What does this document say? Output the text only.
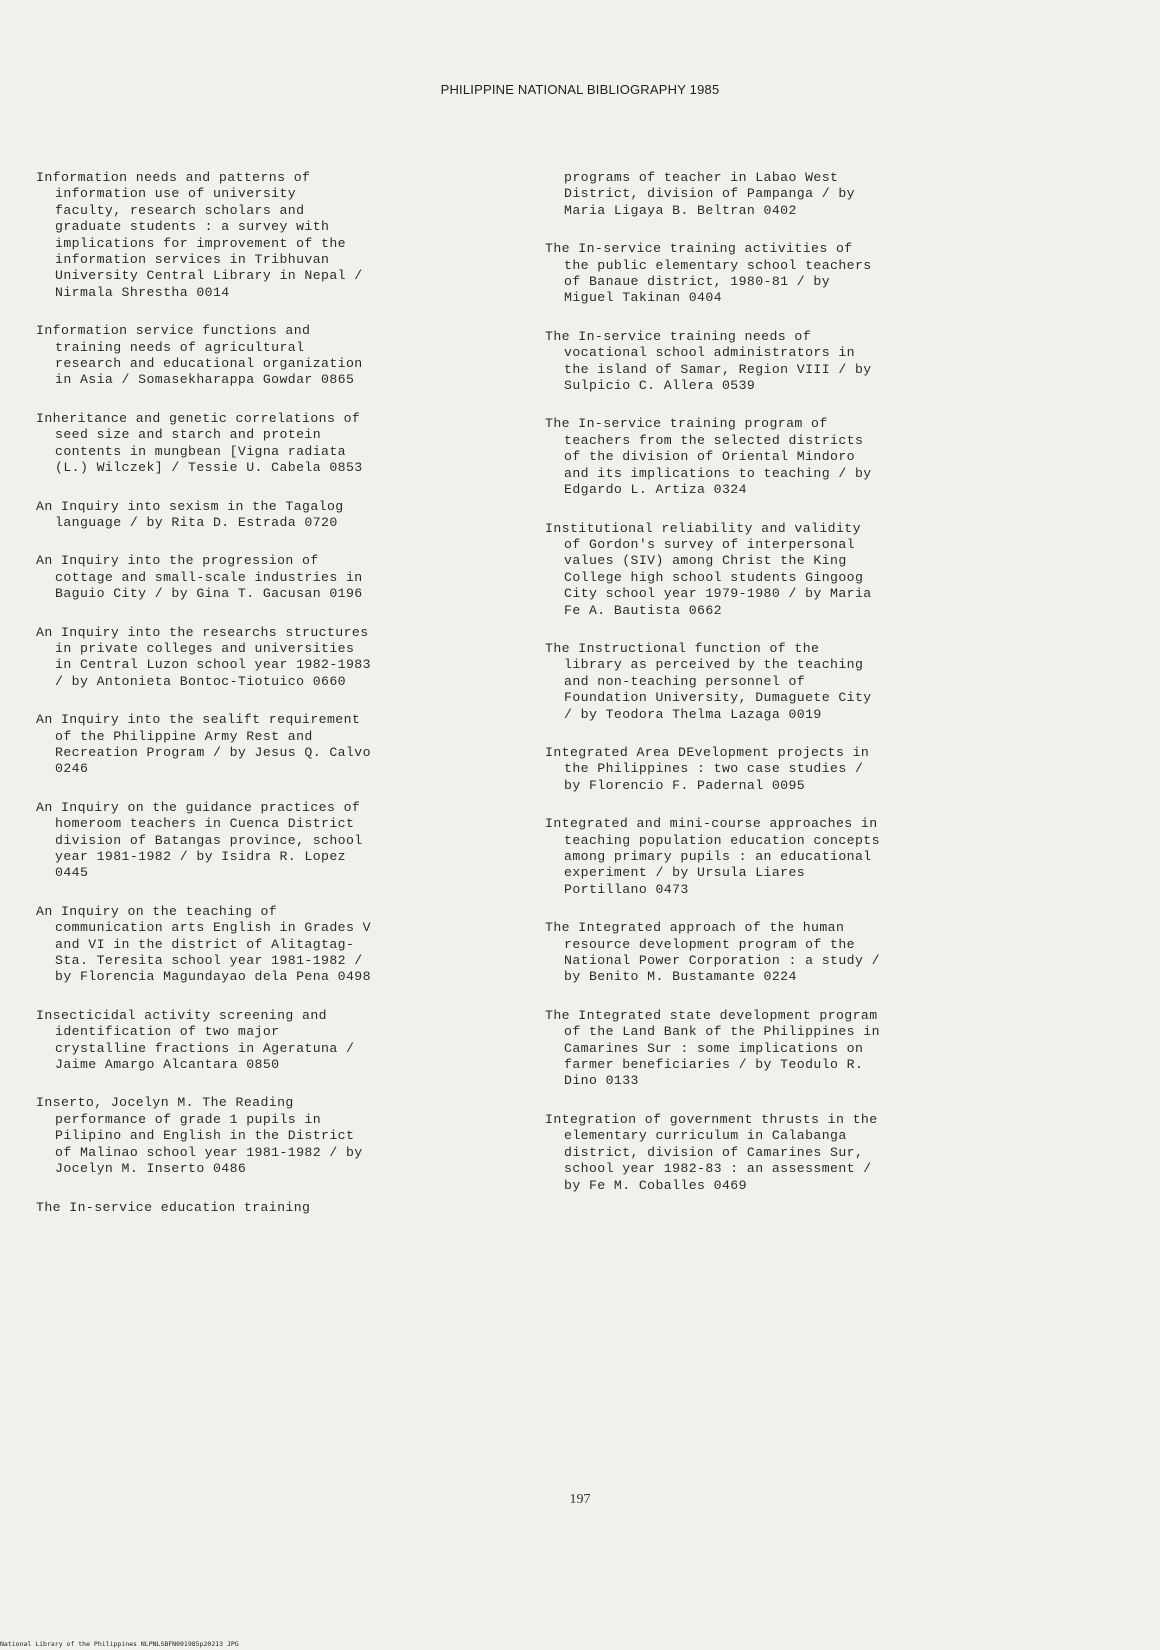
PHILIPPINE NATIONAL BIBLIOGRAPHY 1985

Information needs and patterns of
information use of university
faculty, research scholars and
graduate students : a survey with
implications for improvement of the
information services in Tribhuvan
University Central Library in Nepal /
Nirmala Shrestha 0014

Information service functions and
training needs of agricultural
research and educational organization
in Asia / Somasekharappa Gowdar 0865

Inheritance and genetic correlations of
seed size and starch and protein
contents in mungbean [Vigna radiata
(L.) Wilczek] / Tessie U. Cabela 0853

An Inquiry into sexism in the Tagalog
language / by Rita D. Estrada 0720

An Inquiry into the progression of
cottage and small-scale industries in
Baguio City / by Gina T. Gacusan 0196

An Inquiry into the researchs structures
in private colleges and universities
in Central Luzon school year 1982-1983
/ by Antonieta Bontoc-Tiotuico 0660

An Inquiry into the sealift requirement
of the Philippine Army Rest and
Recreation Program / by Jesus Q. Calvo
0246

An Inquiry on the guidance practices of
homeroom teachers in Cuenca District
division of Batangas province, school
year 1981-1982 / by Isidra R. Lopez
0445

An Inquiry on the teaching of
communication arts English in Grades V
and VI in the district of Alitagtag-
Sta. Teresita school year 1981-1982 /
by Florencia Magundayao dela Pena 0498

Insecticidal activity screening and
identification of two major
crystalline fractions in Ageratuna /
Jaime Amargo Alcantara 0850

Inserto, Jocelyn M. The Reading
performance of grade 1 pupils in
Pilipino and English in the District
of Malinao school year 1981-1982 / by
Jocelyn M. Inserto 0486

The In-service education training

programs of teacher in Labao West
District, division of Pampanga / by
Maria Ligaya B. Beltran 0402

The In-service training activities of
the public elementary school teachers
of Banaue district, 1980-81 / by
Miguel Takinan 0404

The In-service training needs of
vocational school administrators in
the island of Samar, Region VIII / by
Sulpicio C. Allera 0539

The In-service training program of
teachers from the selected districts
of the division of Oriental Mindoro
and its implications to teaching / by
Edgardo L. Artiza 0324

Institutional reliability and validity
of Gordon's survey of interpersonal
values (SIV) among Christ the King
College high school students Gingoog
City school year 1979-1980 / by Maria
Fe A. Bautista 0662

The Instructional function of the
library as perceived by the teaching
and non-teaching personnel of
Foundation University, Dumaguete City
/ by Teodora Thelma Lazaga 0019

Integrated Area DEvelopment projects in
the Philippines : two case studies /
by Florencio F. Padernal 0095

Integrated and mini-course approaches in
teaching population education concepts
among primary pupils : an educational
experiment / by Ursula Liares
Portillano 0473

The Integrated approach of the human
resource development program of the
National Power Corporation : a study /
by Benito M. Bustamante 0224

The Integrated state development program
of the Land Bank of the Philippines in
Camarines Sur : some implications on
farmer beneficiaries / by Teodulo R.
Dino 0133

Integration of government thrusts in the
elementary curriculum in Calabanga
district, division of Camarines Sur,
school year 1982-83 : an assessment /
by Fe M. Coballes 0469

197
National Library of the Philippines NLPNLSBFN091985p20213 JPG
